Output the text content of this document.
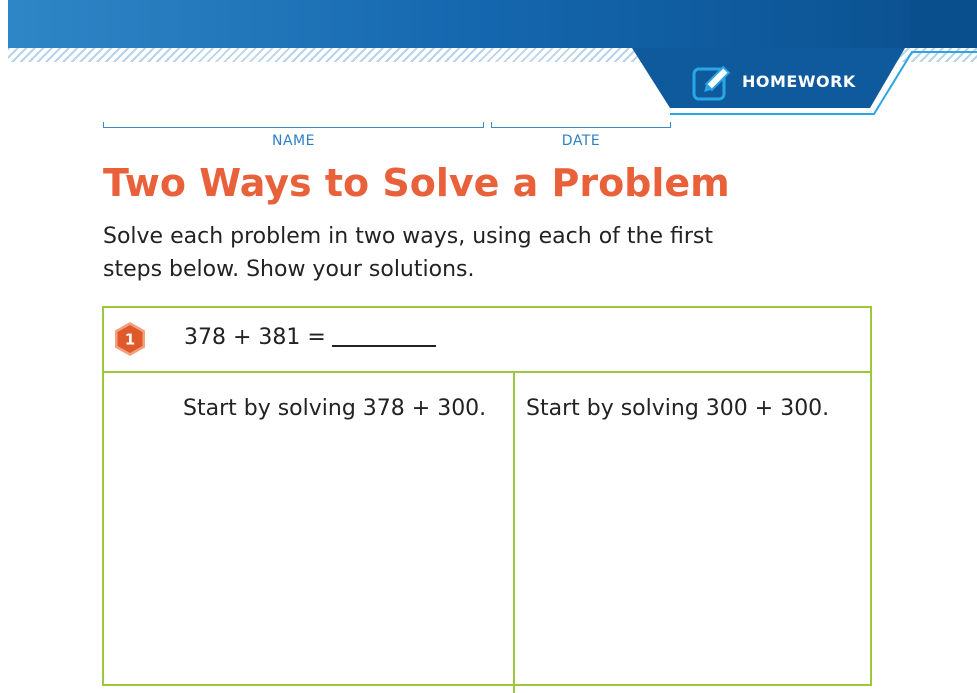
HOMEWORK
NAME	DATE
Two Ways to Solve a Problem

Solve each problem in two ways, using each of the first steps below. Show your solutions.

1 378 + 381 =
Start by solving 378 + 300. Start by solving 300 + 300.
